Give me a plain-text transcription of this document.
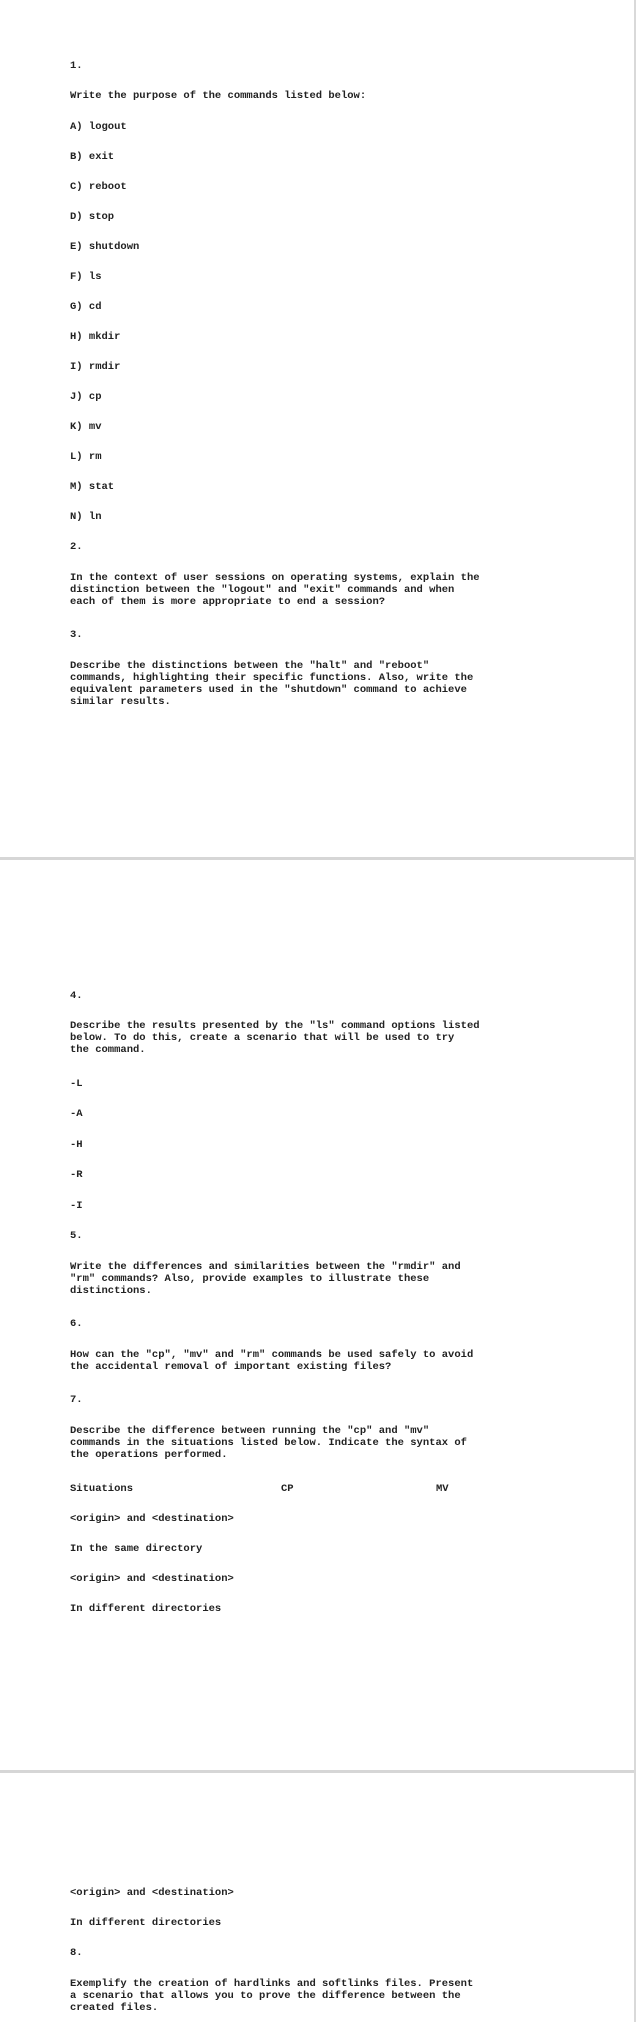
1.
Write the purpose of the commands listed below:
A) logout
B) exit
C) reboot
D) stop
E) shutdown
F) ls
G) cd
H) mkdir
I) rmdir
J) cp
K) mv
L) rm
M) stat
N) ln
2.
In the context of user sessions on operating systems, explain the
distinction between the "logout" and "exit" commands and when
each of them is more appropriate to end a session?
3.
Describe the distinctions between the "halt" and "reboot"
commands, highlighting their specific functions. Also, write the
equivalent parameters used in the "shutdown" command to achieve
similar results.
4.
Describe the results presented by the "ls" command options listed
below. To do this, create a scenario that will be used to try
the command.
-L
-A
-H
-R
-I
5.
Write the differences and similarities between the "rmdir" and
"rm" commands? Also, provide examples to illustrate these
distinctions.
6.
How can the "cp", "mv" and "rm" commands be used safely to avoid
the accidental removal of important existing files?
7.
Describe the difference between running the "cp" and "mv"
commands in the situations listed below. Indicate the syntax of
the operations performed.
Situations	CP	MV
<origin> and <destination>
In the same directory
<origin> and <destination>
In different directories
<origin> and <destination>
In different directories
8.
Exemplify the creation of hardlinks and softlinks files. Present
a scenario that allows you to prove the difference between the
created files.
